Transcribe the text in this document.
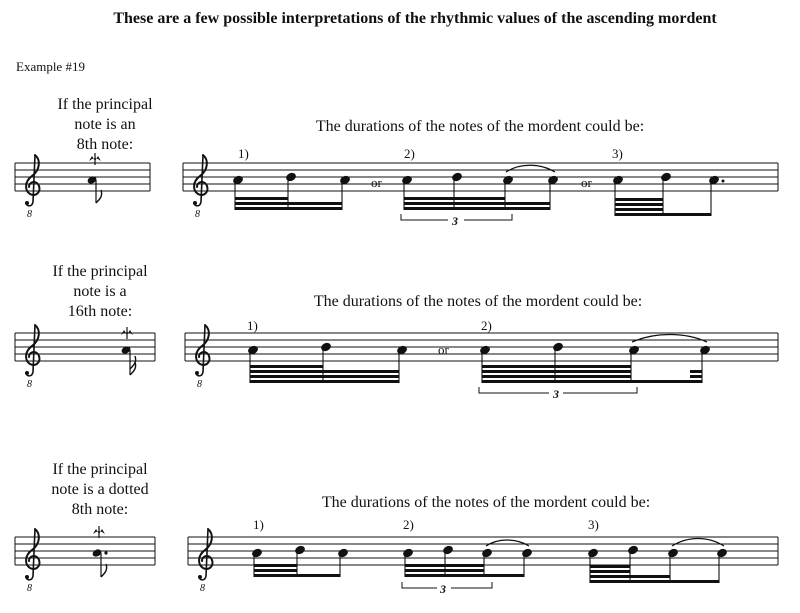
These are a few possible interpretations of the rhythmic values of the ascending mordent
Example #19
If the principal
note is an
8th note:
The durations of the notes of the mordent could be:
If the principal
note is a
16th note:
The durations of the notes of the mordent could be:
If the principal
note is a dotted
8th note:	The durations of the notes of the mordent could be:
1)	2)	3)
or	or
3
1)	2)
or
3
1)	2)	3)
3
